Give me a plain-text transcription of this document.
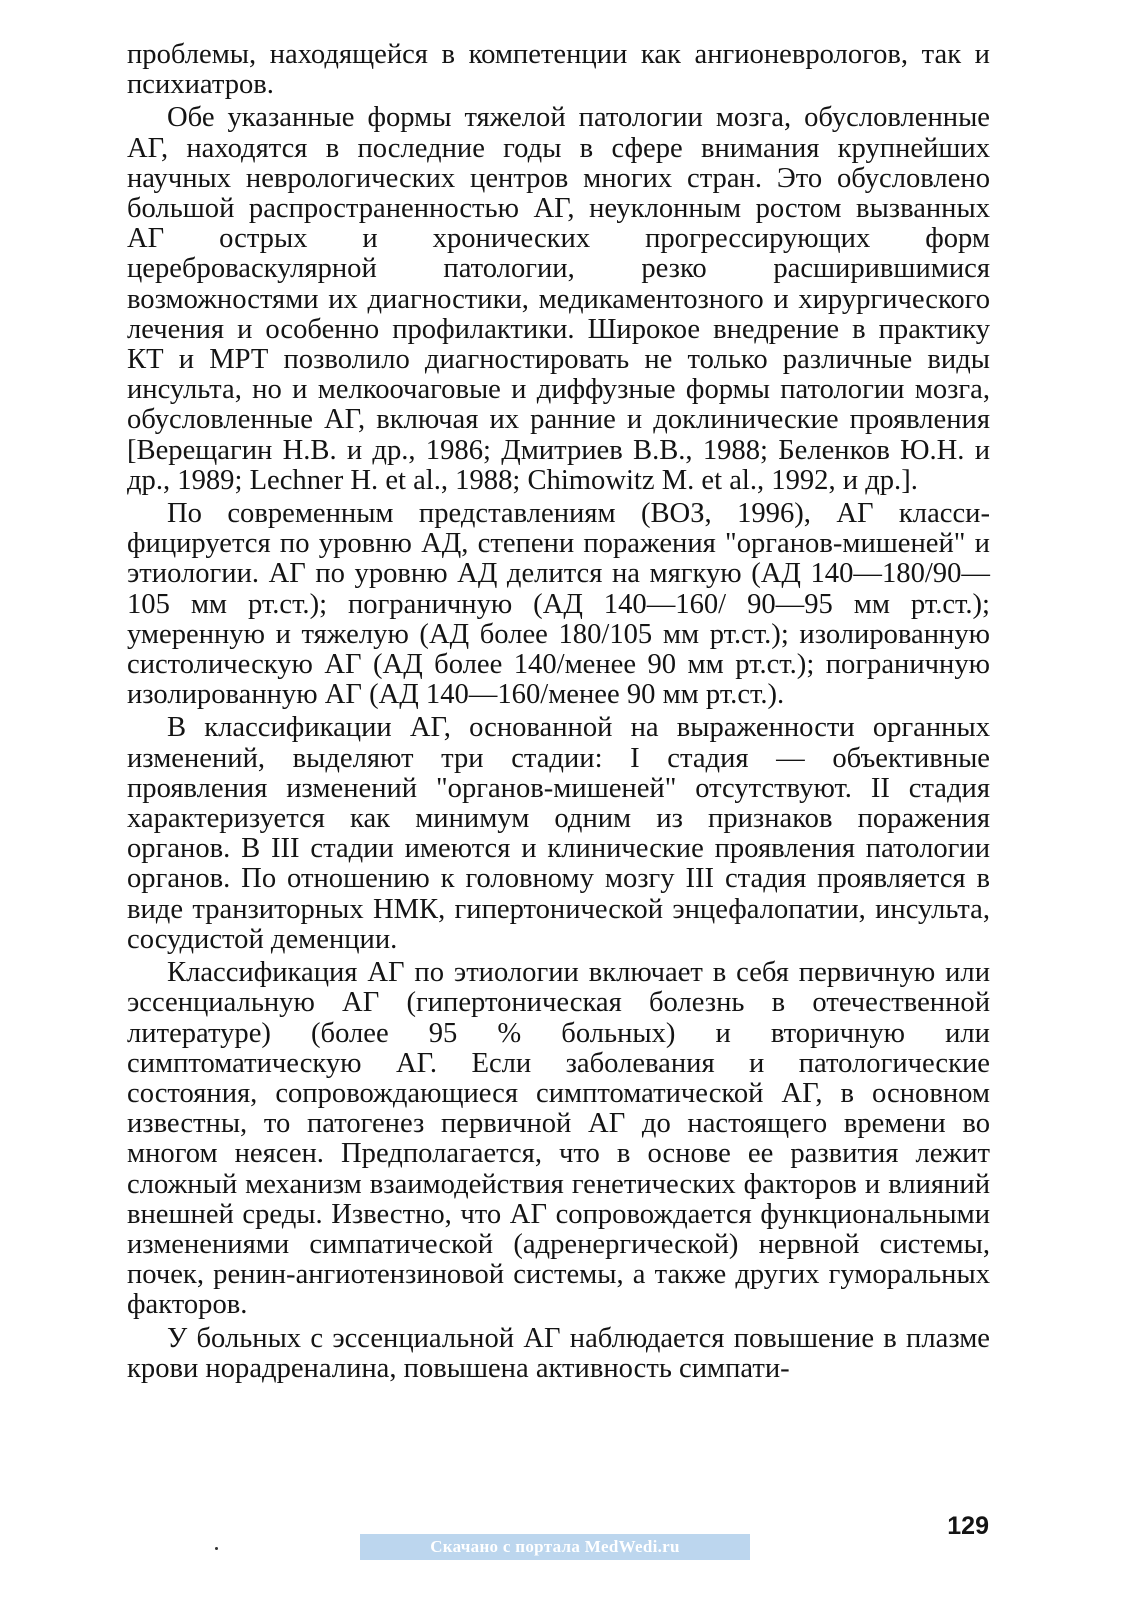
проблемы, находящейся в компетенции как ангионеврологов, так и психиатров.

Обе указанные формы тяжелой патологии мозга, обусловленные АГ, находятся в последние годы в сфере внимания крупнейших научных неврологических центров многих стран. Это обусловлено большой распространенностью АГ, неуклонным ростом вызванных АГ острых и хронических прогрессирующих форм цереброваскулярной патологии, резко расширившимися возможностями их диагностики, медикаментозного и хирургического лечения и особенно профилактики. Широкое внедрение в практику КТ и МРТ позволило диагностировать не только различные виды инсульта, но и мелкоочаговые и диффузные формы патологии мозга, обусловленные АГ, включая их ранние и доклинические проявления [Верещагин Н.В. и др., 1986; Дмитриев В.В., 1988; Беленков Ю.Н. и др., 1989; Lechner Н. et al., 1988; Chimowitz М. et al., 1992, и др.].

По современным представлениям (ВОЗ, 1996), АГ классифицируется по уровню АД, степени поражения "органов-мишеней" и этиологии. АГ по уровню АД делится на мягкую (АД 140—180/90—105 мм рт.ст.); пограничную (АД 140—160/ 90—95 мм рт.ст.); умеренную и тяжелую (АД более 180/105 мм рт.ст.); изолированную систолическую АГ (АД более 140/менее 90 мм рт.ст.); пограничную изолированную АГ (АД 140—160/менее 90 мм рт.ст.).

В классификации АГ, основанной на выраженности органных изменений, выделяют три стадии: I стадия — объективные проявления изменений "органов-мишеней" отсутствуют. II стадия характеризуется как минимум одним из признаков поражения органов. В III стадии имеются и клинические проявления патологии органов. По отношению к головному мозгу III стадия проявляется в виде транзиторных НМК, гипертонической энцефалопатии, инсульта, сосудистой деменции.

Классификация АГ по этиологии включает в себя первичную или эссенциальную АГ (гипертоническая болезнь в отечественной литературе) (более 95 % больных) и вторичную или симптоматическую АГ. Если заболевания и патологические состояния, сопровождающиеся симптоматической АГ, в основном известны, то патогенез первичной АГ до настоящего времени во многом неясен. Предполагается, что в основе ее развития лежит сложный механизм взаимодействия генетических факторов и влияний внешней среды. Известно, что АГ сопровождается функциональными изменениями симпатической (адренергической) нервной системы, почек, ренин-ангиотензиновой системы, а также других гуморальных факторов.

У больных с эссенциальной АГ наблюдается повышение в плазме крови норадреналина, повышена активность симпати-

129
Скачано с портала MedWedi.ru
